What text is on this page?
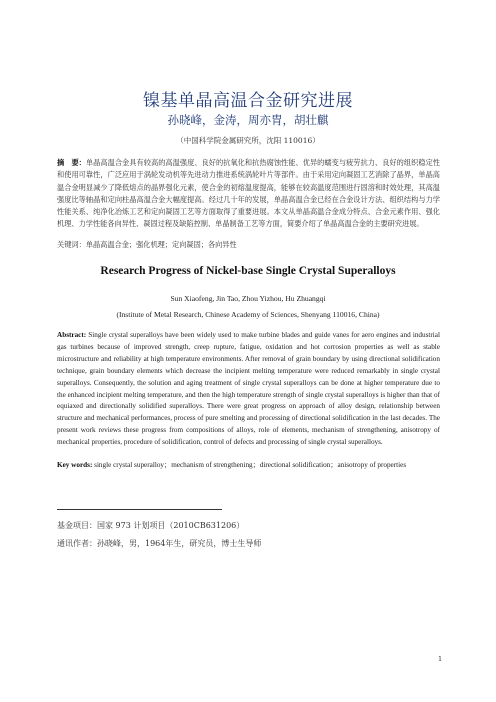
镍基单晶高温合金研究进展
孙晓峰，金涛，周亦胄，胡壮麒
（中国科学院金属研究所，沈阳 110016）
摘　要：单晶高温合金具有较高的高温强度、良好的抗氧化和抗热腐蚀性能、优异的蠕变与疲劳抗力、良好的组织稳定性和使用可靠性，广泛应用于涡轮发动机等先进动力推进系统涡轮叶片等部件。由于采用定向凝固工艺消除了晶界，单晶高温合金明显减少了降低熔点的晶界强化元素，使合金的初熔温度提高，能够在较高温度范围进行固溶和时效处理，其高温强度比等轴晶和定向柱晶高温合金大幅度提高。经过几十年的发展，单晶高温合金已经在合金设计方法、组织结构与力学性能关系、纯净化冶炼工艺和定向凝固工艺等方面取得了重要进展。本文从单晶高温合金成分特点、合金元素作用、强化机理、力学性能各向异性、凝固过程及缺陷控制、单晶制备工艺等方面，简要介绍了单晶高温合金的主要研究进展。
关键词：单晶高温合金；强化机理；定向凝固；各向异性
Research Progress of Nickel-base Single Crystal Superalloys
Sun Xiaofeng, Jin Tao, Zhou Yizhou, Hu Zhuangqi
(Institute of Metal Research, Chinese Academy of Sciences, Shenyang 110016, China)
Abstract: Single crystal superalloys have been widely used to make turbine blades and guide vanes for aero engines and industrial gas turbines because of improved strength, creep rupture, fatigue, oxidation and hot corrosion properties as well as stable microstructure and reliability at high temperature environments. After removal of grain boundary by using directional solidification technique, grain boundary elements which decrease the incipient melting temperature were reduced remarkably in single crystal superalloys. Consequently, the solution and aging treatment of single crystal superalloys can be done at higher temperature due to the enhanced incipient melting temperature, and then the high temperature strength of single crystal superalloys is higher than that of equiaxed and directionally solidified superalloys. There were great progress on approach of alloy design, relationship between structure and mechanical performances, process of pure smelting and processing of directional solidification in the last decades. The present work reviews these progress from compositions of alloys, role of elements, mechanism of strengthening, anisotropy of mechanical properties, procedure of solidification, control of defects and processing of single crystal superalloys.
Key words: single crystal superalloy；mechanism of strengthening；directional solidification；anisotropy of properties
基金项目：国家 973 计划项目（2010CB631206）
通讯作者：孙晓峰，男，1964年生，研究员，博士生导师
1
